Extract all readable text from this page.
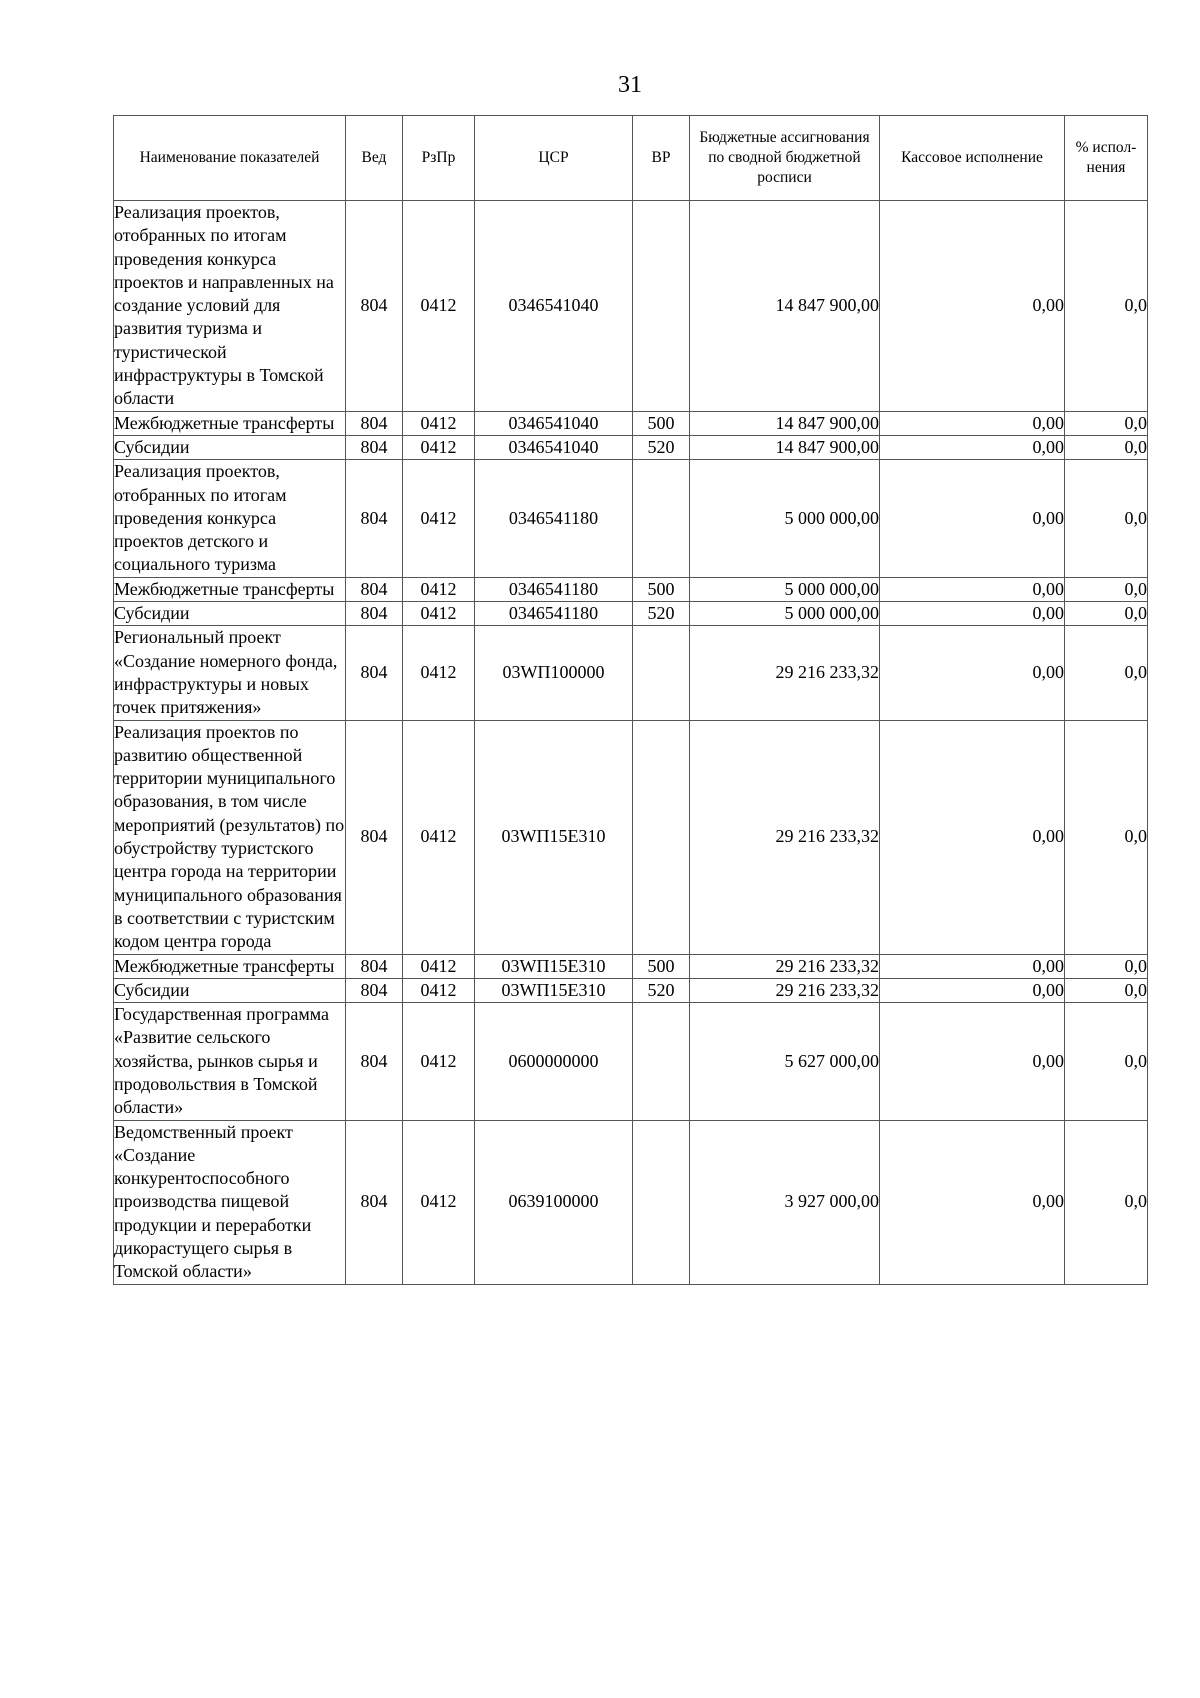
31
Наименование показателей	Вед	РзПр	ЦСР	ВР	Бюджетные ассигнования по сводной бюджетной росписи	Кассовое исполнение	% испол-нения
Реализация проектов, отобранных по итогам проведения конкурса проектов и направленных на создание условий для развития туризма и туристической инфраструктуры в Томской области	804	0412	0346541040		14 847 900,00	0,00	0,0
Межбюджетные трансферты	804	0412	0346541040	500	14 847 900,00	0,00	0,0
Субсидии	804	0412	0346541040	520	14 847 900,00	0,00	0,0
Реализация проектов, отобранных по итогам проведения конкурса проектов детского и социального туризма	804	0412	0346541180		5 000 000,00	0,00	0,0
Межбюджетные трансферты	804	0412	0346541180	500	5 000 000,00	0,00	0,0
Субсидии	804	0412	0346541180	520	5 000 000,00	0,00	0,0
Региональный проект «Создание номерного фонда, инфраструктуры и новых точек притяжения»	804	0412	03WП100000		29 216 233,32	0,00	0,0
Реализация проектов по развитию общественной территории муниципального образования, в том числе мероприятий (результатов) по обустройству туристского центра города на территории муниципального образования в соответствии с туристским кодом центра города	804	0412	03WП15E310		29 216 233,32	0,00	0,0
Межбюджетные трансферты	804	0412	03WП15E310	500	29 216 233,32	0,00	0,0
Субсидии	804	0412	03WП15E310	520	29 216 233,32	0,00	0,0
Государственная программа «Развитие сельского хозяйства, рынков сырья и продовольствия в Томской области»	804	0412	0600000000		5 627 000,00	0,00	0,0
Ведомственный проект «Создание конкурентоспособного производства пищевой продукции и переработки дикорастущего сырья в Томской области»	804	0412	0639100000		3 927 000,00	0,00	0,0
